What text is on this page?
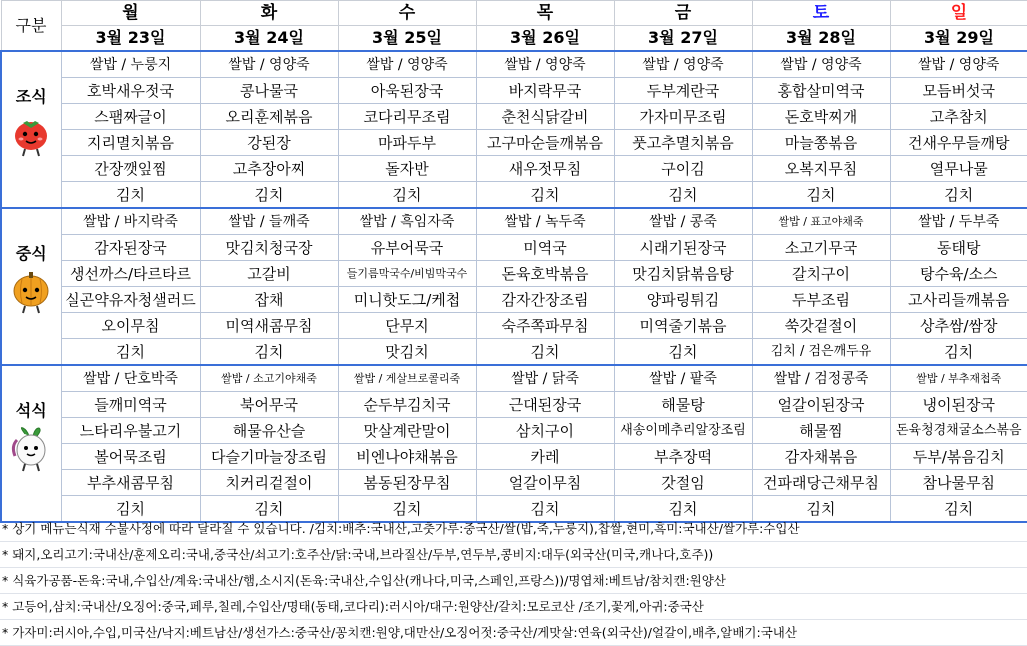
구분	월	화	수	목	금	토	일
	3월 23일	3월 24일	3월 25일	3월 26일	3월 27일	3월 28일	3월 29일

조식	쌀밥 / 누룽지	쌀밥 / 영양죽	쌀밥 / 영양죽	쌀밥 / 영양죽	쌀밥 / 영양죽	쌀밥 / 영양죽	쌀밥 / 영양죽
	호박새우젓국	콩나물국	아욱된장국	바지락무국	두부계란국	홍합살미역국	모듬버섯국
	스팸짜글이	오리훈제볶음	코다리무조림	춘천식닭갈비	가자미무조림	돈호박찌개	고추참치
	지리멸치볶음	강된장	마파두부	고구마순들깨볶음	풋고추멸치볶음	마늘쫑볶음	건새우무들깨탕
	간장깻잎찜	고추장아찌	돌자반	새우젓무침	구이김	오복지무침	열무나물
	김치	김치	김치	김치	김치	김치	김치

중식	쌀밥 / 바지락죽	쌀밥 / 들깨죽	쌀밥 / 흑임자죽	쌀밥 / 녹두죽	쌀밥 / 콩죽	쌀밥 / 표고야채죽	쌀밥 / 두부죽
	감자된장국	맛김치청국장	유부어묵국	미역국	시래기된장국	소고기무국	동태탕
	생선까스/타르타르	고갈비	들기름막국수/비빔막국수	돈육호박볶음	맛김치닭볶음탕	갈치구이	탕수육/소스
	실곤약유자청샐러드	잡채	미니핫도그/케첩	감자간장조림	양파링튀김	두부조림	고사리들깨볶음
	오이무침	미역새콤무침	단무지	숙주쪽파무침	미역줄기볶음	쑥갓겉절이	상추쌈/쌈장
	김치	김치	맛김치	김치	김치	김치 / 검은깨두유	김치

석식	쌀밥 / 단호박죽	쌀밥 / 소고기야채죽	쌀밥 / 게살브로콜리죽	쌀밥 / 닭죽	쌀밥 / 팥죽	쌀밥 / 검정콩죽	쌀밥 / 부추재첩죽
	들깨미역국	북어무국	순두부김치국	근대된장국	해물탕	얼갈이된장국	냉이된장국
	느타리우불고기	해물유산슬	맛살계란말이	삼치구이	새송이메추리알장조림	해물찜	돈육청경채굴소스볶음
	볼어묵조림	다슬기마늘장조림	비엔나야채볶음	카레	부추장떡	감자채볶음	두부/볶음김치
	부추새콤무침	치커리겉절이	봄동된장무침	얼갈이무침	갓절임	건파래당근채무침	참나물무침
	김치	김치	김치	김치	김치	김치	김치
* 상기 메뉴는식재 수불사정에 따라 달라질 수 있습니다. /김치:배추:국내산,고춧가루:중국산/쌀(밥,죽,누룽지),찹쌀,현미,흑미:국내산/쌀가루:수입산
* 돼지,오리고기:국내산/훈제오리:국내,중국산/쇠고기:호주산/닭:국내,브라질산/두부,연두부,콩비지:대두(외국산(미국,캐나다,호주))
* 식육가공품-돈육:국내,수입산/계육:국내산/햄,소시지(돈육:국내산,수입산(캐나다,미국,스페인,프랑스))/명엽채:베트남/참치캔:원양산
* 고등어,삼치:국내산/오징어:중국,페루,칠레,수입산/명태(동태,코다리):러시아/대구:원양산/갈치:모로코산 /조기,꽃게,아귀:중국산
* 가자미:러시아,수입,미국산/낙지:베트남산/생선가스:중국산/꽁치캔:원양,대만산/오징어젓:중국산/게맛살:연육(외국산)/얼갈이,배추,알배기:국내산
